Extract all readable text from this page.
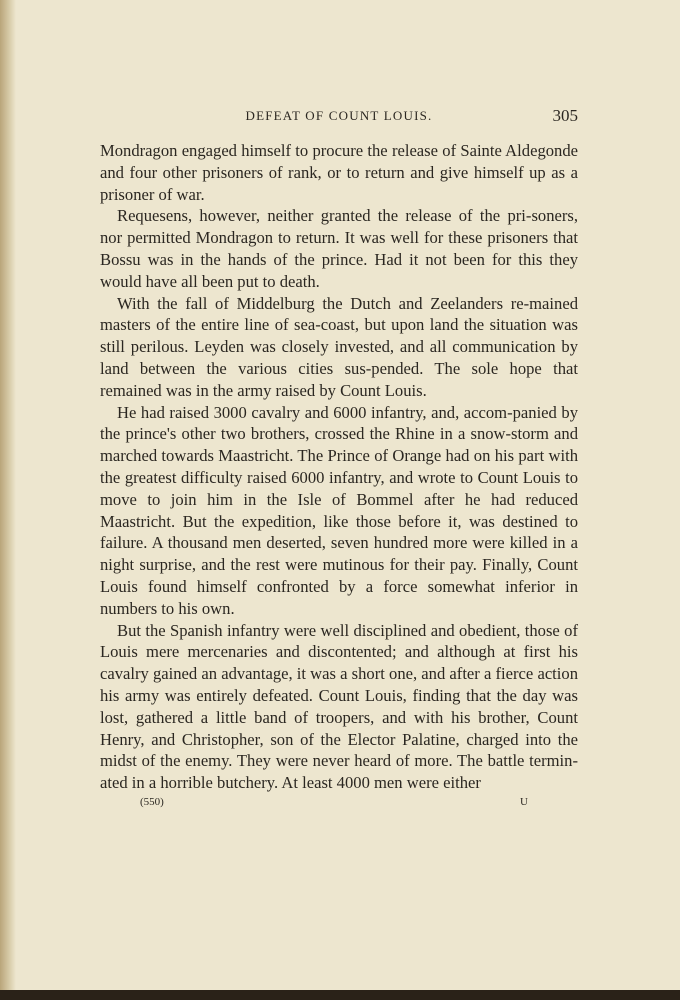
DEFEAT OF COUNT LOUIS.	305

Mondragon engaged himself to procure the release of Sainte Aldegonde and four other prisoners of rank, or to return and give himself up as a prisoner of war.

Requesens, however, neither granted the release of the pri-soners, nor permitted Mondragon to return. It was well for these prisoners that Bossu was in the hands of the prince. Had it not been for this they would have all been put to death.

With the fall of Middelburg the Dutch and Zeelanders re-mained masters of the entire line of sea-coast, but upon land the situation was still perilous. Leyden was closely invested, and all communication by land between the various cities sus-pended. The sole hope that remained was in the army raised by Count Louis.

He had raised 3000 cavalry and 6000 infantry, and, accom-panied by the prince's other two brothers, crossed the Rhine in a snow-storm and marched towards Maastricht. The Prince of Orange had on his part with the greatest difficulty raised 6000 infantry, and wrote to Count Louis to move to join him in the Isle of Bommel after he had reduced Maastricht. But the expedition, like those before it, was destined to failure. A thousand men deserted, seven hundred more were killed in a night surprise, and the rest were mutinous for their pay. Finally, Count Louis found himself confronted by a force somewhat inferior in numbers to his own.

But the Spanish infantry were well disciplined and obedient, those of Louis mere mercenaries and discontented; and although at first his cavalry gained an advantage, it was a short one, and after a fierce action his army was entirely defeated. Count Louis, finding that the day was lost, gathered a little band of troopers, and with his brother, Count Henry, and Christopher, son of the Elector Palatine, charged into the midst of the enemy. They were never heard of more. The battle termin-ated in a horrible butchery. At least 4000 men were either

(550)	U
